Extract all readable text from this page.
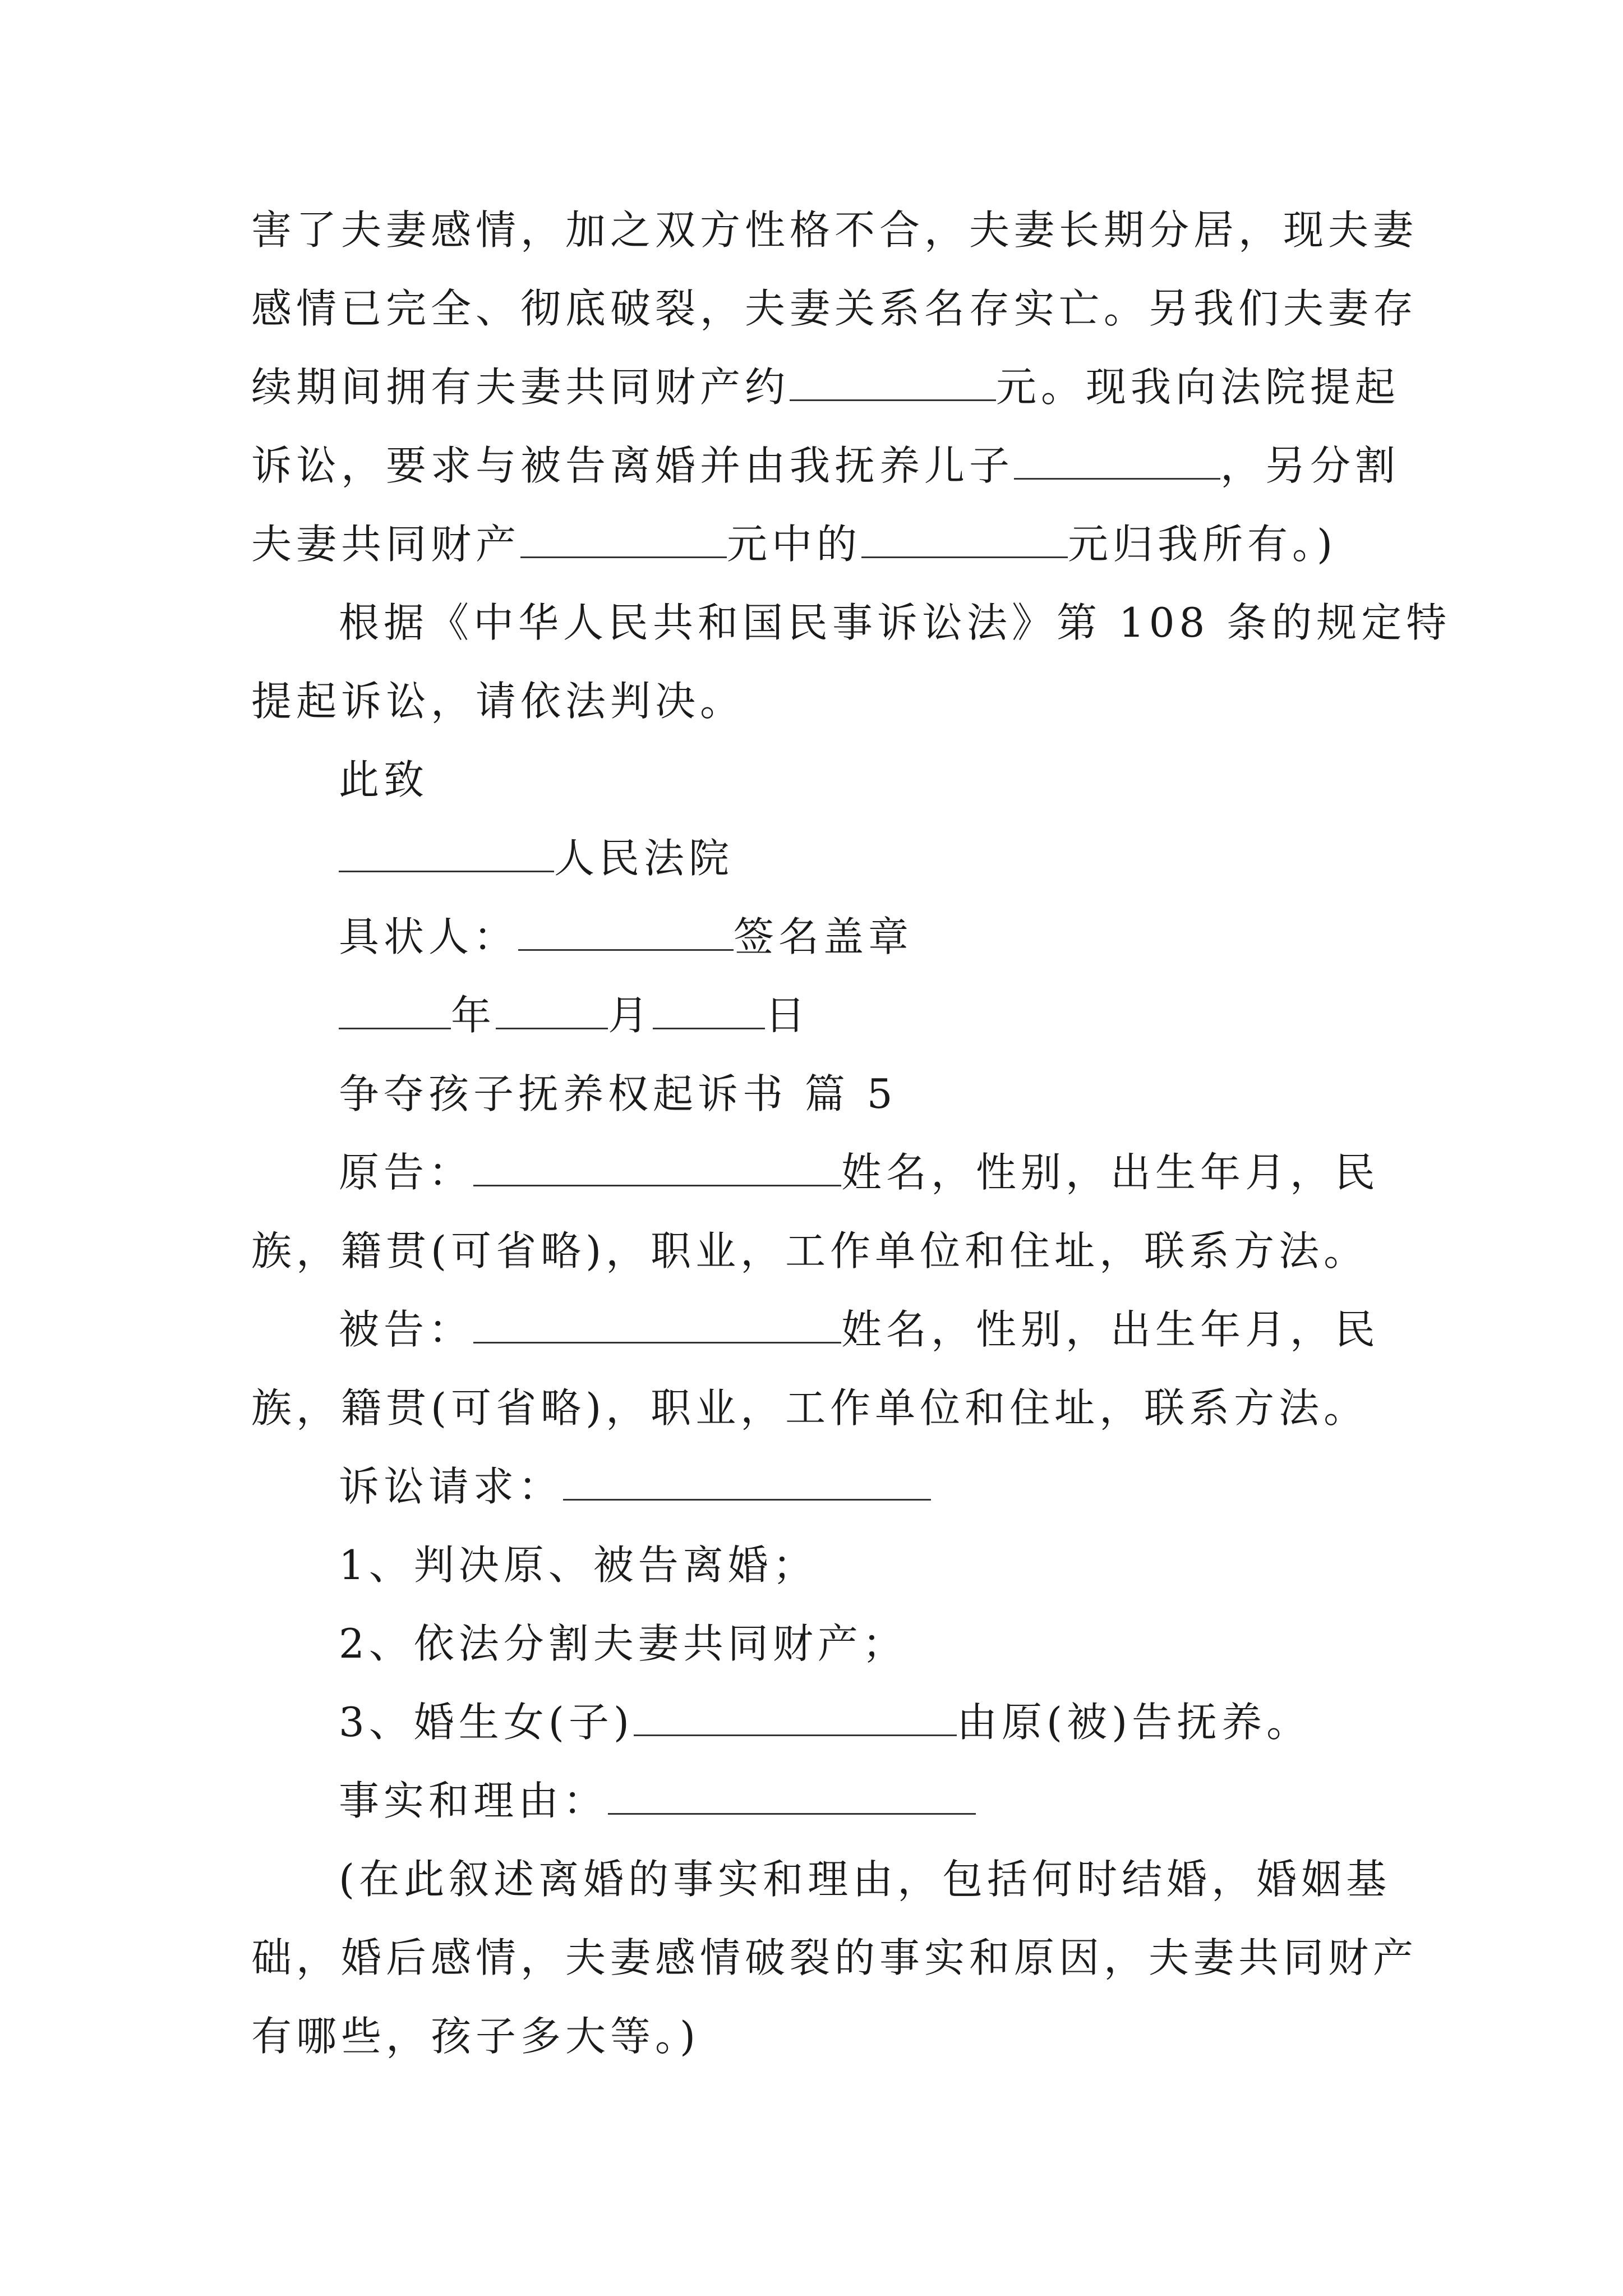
害了夫妻感情，加之双方性格不合，夫妻长期分居，现夫妻
感情已完全、彻底破裂，夫妻关系名存实亡。另我们夫妻存
续期间拥有夫妻共同财产约	元。现我向法院提起
诉讼，要求与被告离婚并由我抚养儿子	，另分割
夫妻共同财产	元中的	元归我所有。)
根据《中华人民共和国民事诉讼法》第 108 条的规定特
提起诉讼，请依法判决。
此致
人民法院
具状人：	签名盖章
年	月	日
争夺孩子抚养权起诉书 篇 5
原告：	姓名，性别，出生年月，民
族，籍贯(可省略)，职业，工作单位和住址，联系方法。
被告：	姓名，性别，出生年月，民
族，籍贯(可省略)，职业，工作单位和住址，联系方法。
诉讼请求：
1、判决原、被告离婚；
2、依法分割夫妻共同财产；
3、婚生女(子)	由原(被)告抚养。
事实和理由：
(在此叙述离婚的事实和理由，包括何时结婚，婚姻基
础，婚后感情，夫妻感情破裂的事实和原因，夫妻共同财产
有哪些，孩子多大等。)
